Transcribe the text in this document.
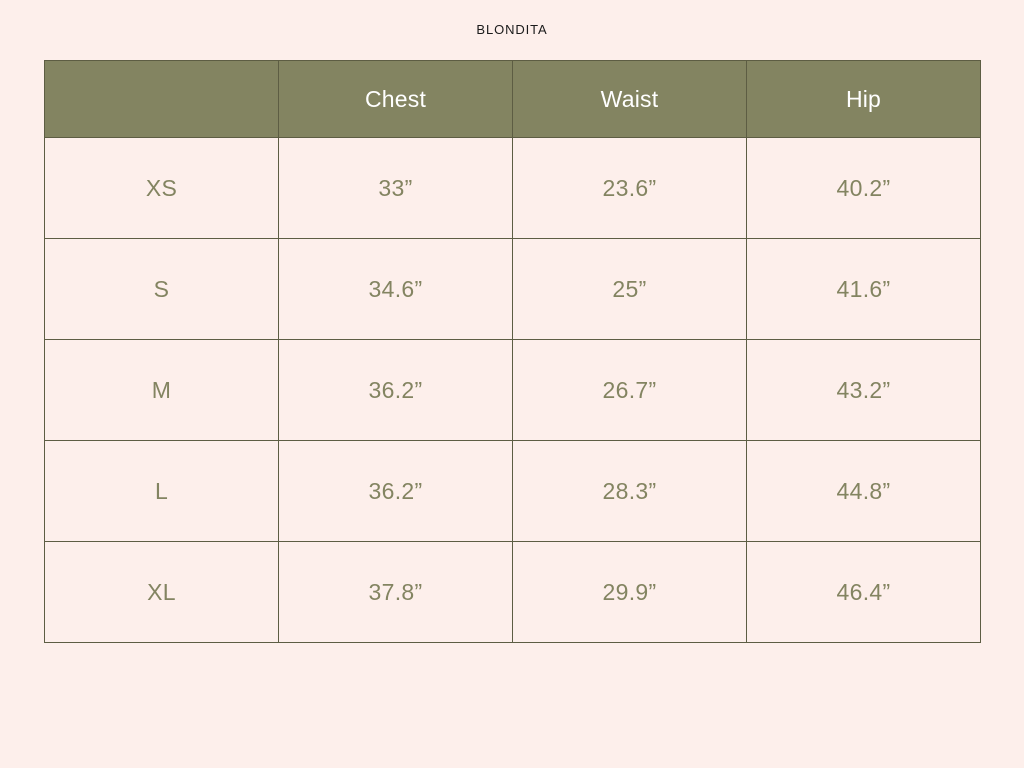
BLONDITA
	Chest	Waist	Hip
XS	33”	23.6”	40.2”
S	34.6”	25”	41.6”
M	36.2”	26.7”	43.2”
L	36.2”	28.3”	44.8”
XL	37.8”	29.9”	46.4”
